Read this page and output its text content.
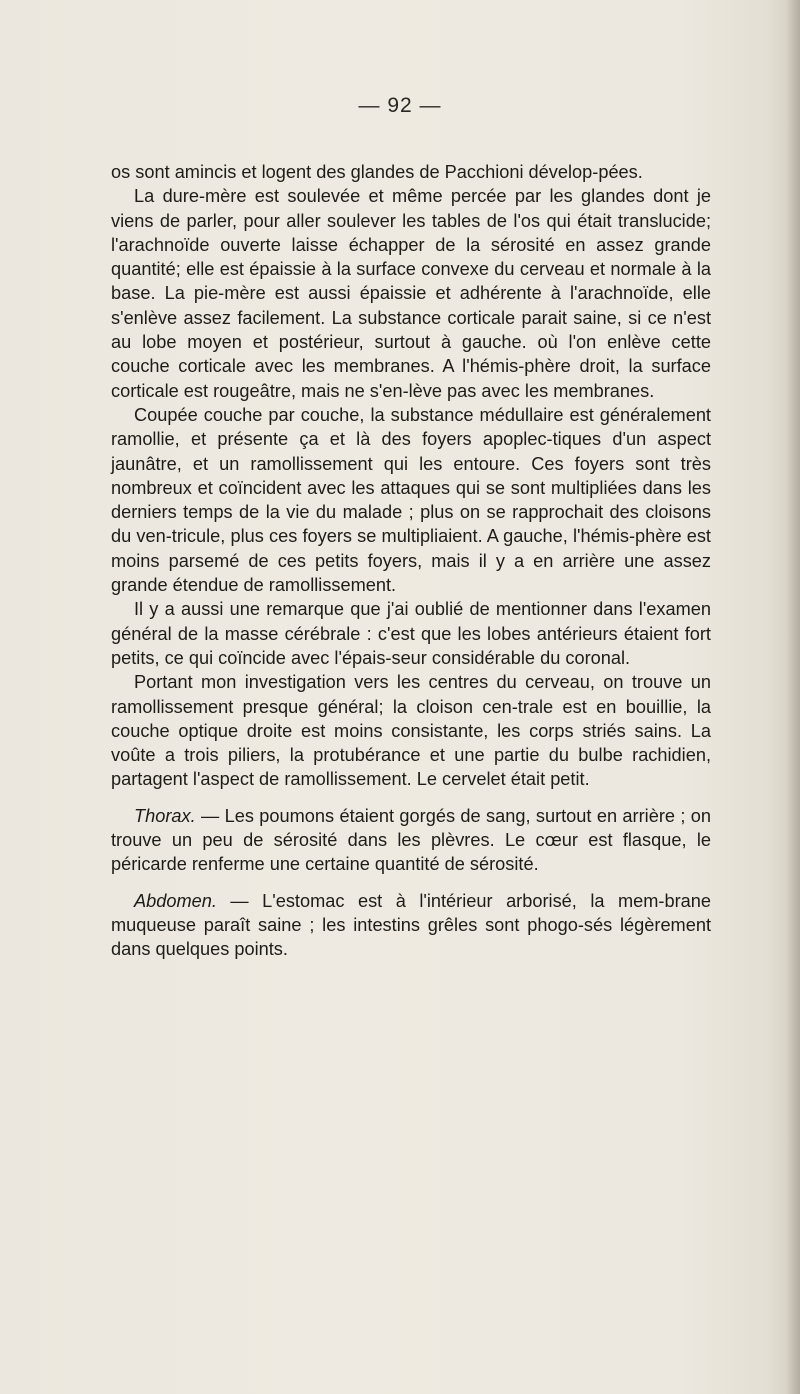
— 92 —

os sont amincis et logent des glandes de Pacchioni dévelop-pées.

La dure-mère est soulevée et même percée par les glandes dont je viens de parler, pour aller soulever les tables de l'os qui était translucide; l'arachnoïde ouverte laisse échapper de la sérosité en assez grande quantité; elle est épaissie à la surface convexe du cerveau et normale à la base. La pie-mère est aussi épaissie et adhérente à l'arachnoïde, elle s'enlève assez facilement. La substance corticale parait saine, si ce n'est au lobe moyen et postérieur, surtout à gauche. où l'on enlève cette couche corticale avec les membranes. A l'hémis-phère droit, la surface corticale est rougeâtre, mais ne s'en-lève pas avec les membranes.

Coupée couche par couche, la substance médullaire est généralement ramollie, et présente ça et là des foyers apoplec-tiques d'un aspect jaunâtre, et un ramollissement qui les entoure. Ces foyers sont très nombreux et coïncident avec les attaques qui se sont multipliées dans les derniers temps de la vie du malade ; plus on se rapprochait des cloisons du ven-tricule, plus ces foyers se multipliaient. A gauche, l'hémis-phère est moins parsemé de ces petits foyers, mais il y a en arrière une assez grande étendue de ramollissement.

Il y a aussi une remarque que j'ai oublié de mentionner dans l'examen général de la masse cérébrale : c'est que les lobes antérieurs étaient fort petits, ce qui coïncide avec l'épais-seur considérable du coronal.

Portant mon investigation vers les centres du cerveau, on trouve un ramollissement presque général; la cloison cen-trale est en bouillie, la couche optique droite est moins consistante, les corps striés sains. La voûte a trois piliers, la protubérance et une partie du bulbe rachidien, partagent l'aspect de ramollissement. Le cervelet était petit.

Thorax. — Les poumons étaient gorgés de sang, surtout en arrière ; on trouve un peu de sérosité dans les plèvres. Le cœur est flasque, le péricarde renferme une certaine quantité de sérosité.

Abdomen. — L'estomac est à l'intérieur arborisé, la mem-brane muqueuse paraît saine ; les intestins grêles sont phogo-sés légèrement dans quelques points.
